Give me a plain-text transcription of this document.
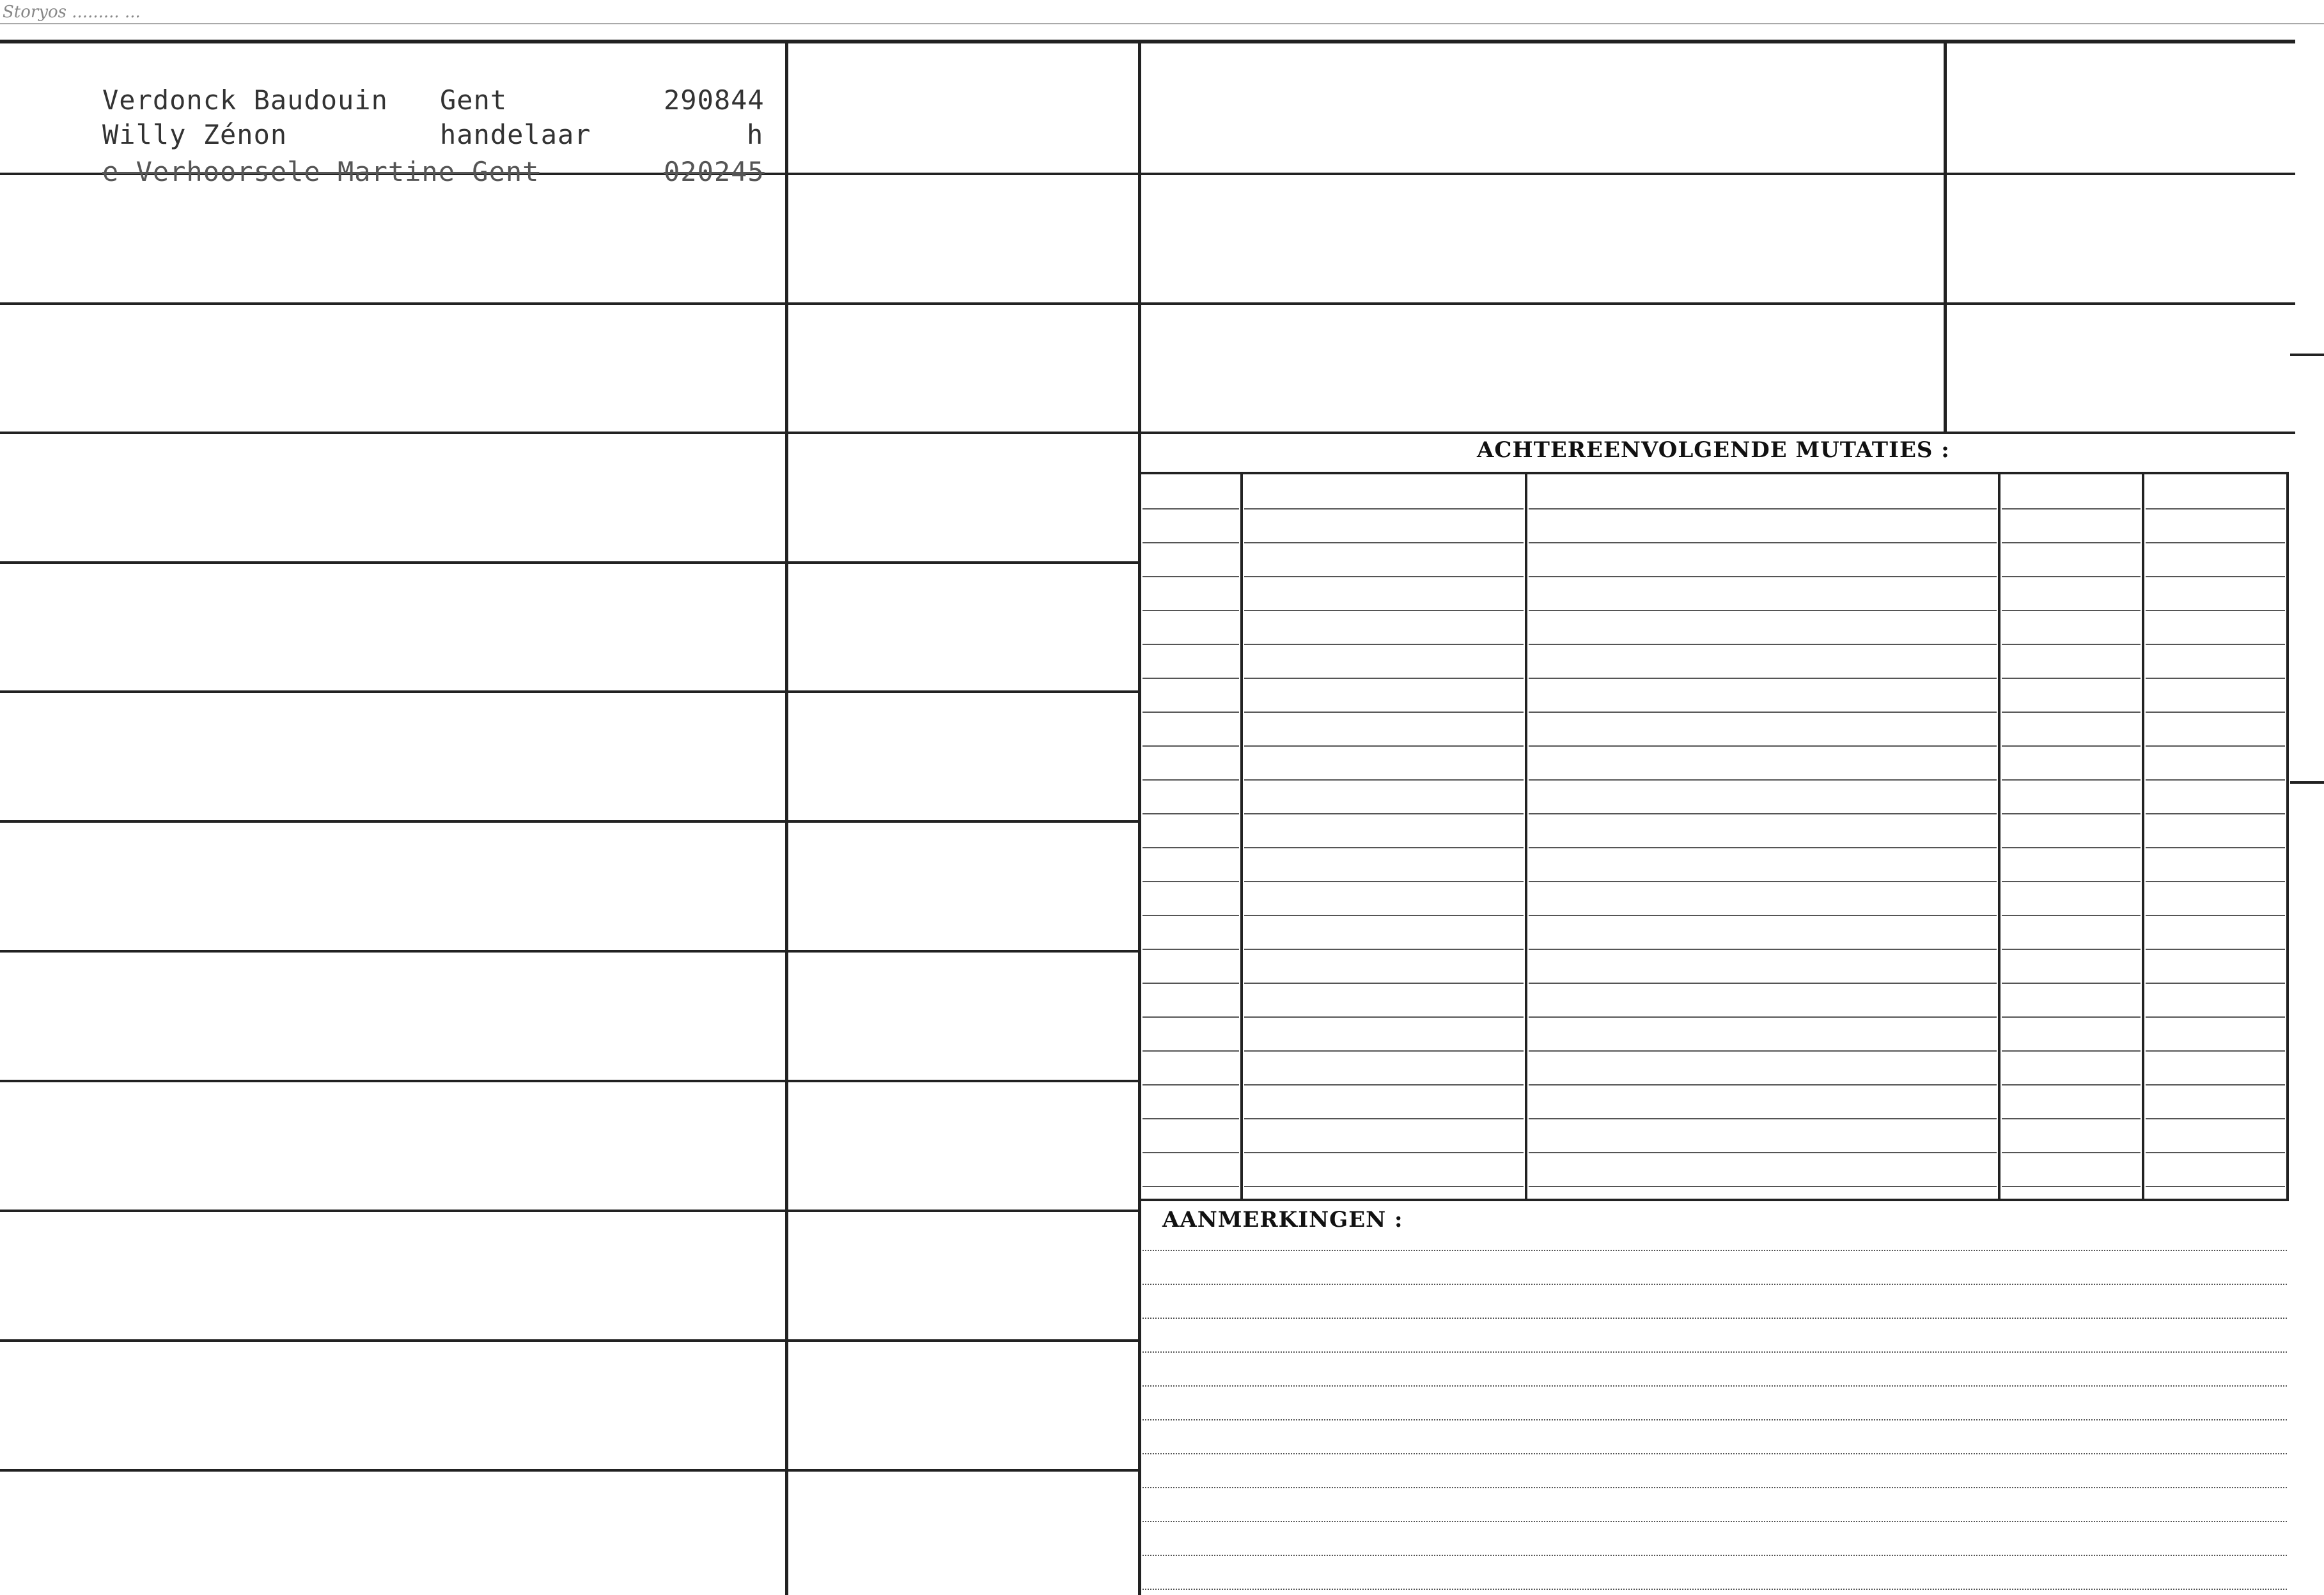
Storyos ......... ...
Verdonck Baudouin Gent	290844
Willy Zénon	handelaar	h
e Verhoorsele Martine Gent	020245
ACHTEREENVOLGENDE MUTATIES :
AANMERKINGEN :
